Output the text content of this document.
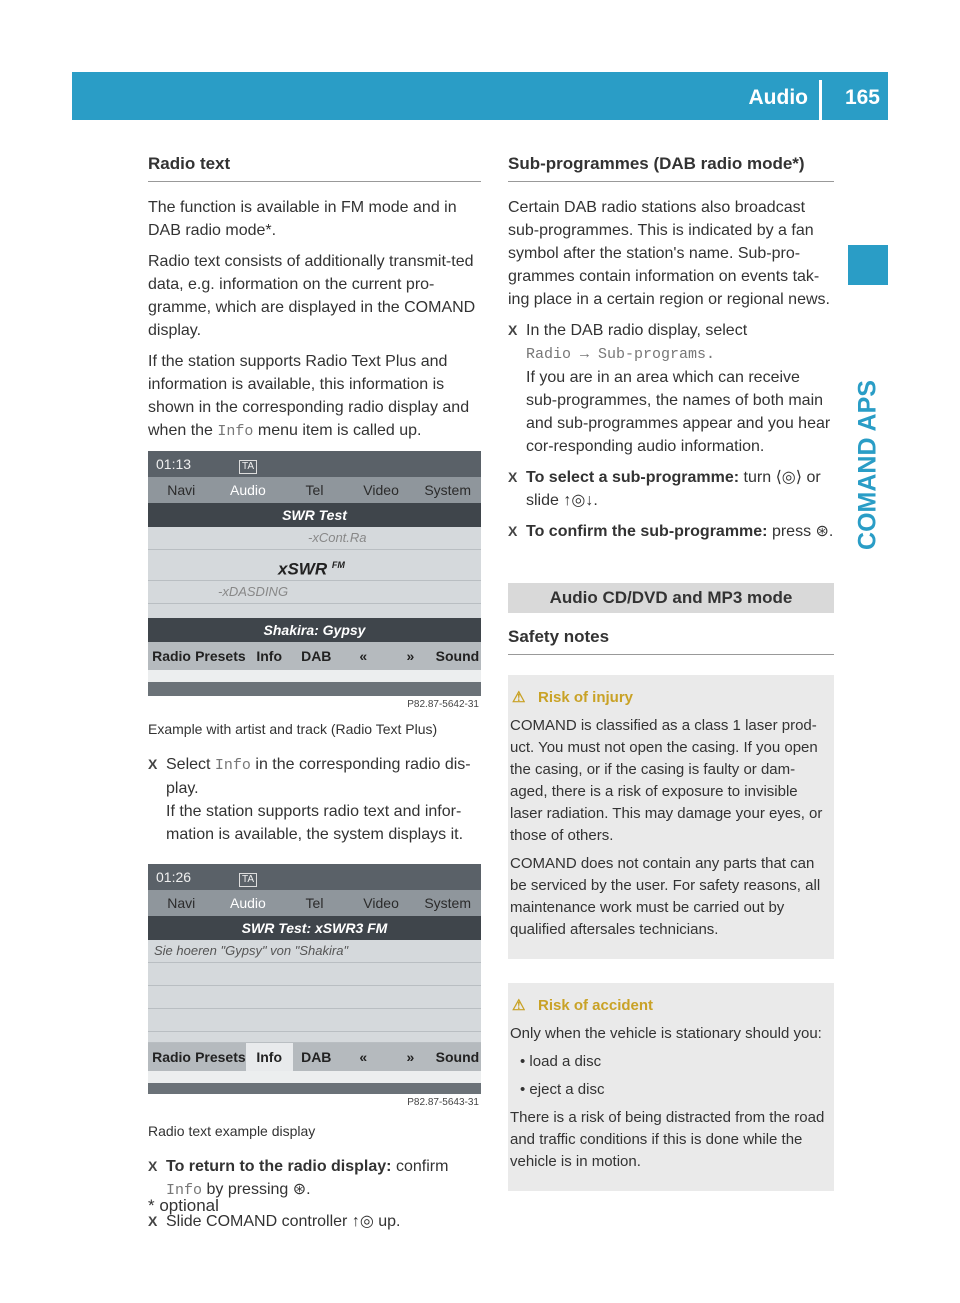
Audio 165
COMAND APS
Radio text

The function is available in FM mode and in DAB radio mode*.

Radio text consists of additionally transmit-ted data, e.g. information on the current pro-gramme, which are displayed in the COMAND display.

If the station supports Radio Text Plus and information is available, this information is shown in the corresponding radio display and when the Info menu item is called up.

01:13	TA
Navi	Audio	Tel	Video	System
SWR Test
-xCont.Ra
xSWR $^{FM}$
-xDASDING
Shakira: Gypsy
Radio Presets Info	DAB	«	»	Sound
P82.87-5642-31
Example with artist and track (Radio Text Plus)
X Select Info in the corresponding radio dis-play.
If the station supports radio text and infor-mation is available, the system displays it.
01:26	TA
Navi	Audio	Tel	Video	System
SWR Test: xSWR3 FM
Sie hoeren "Gypsy" von "Shakira"
Radio Presets Info	DAB	«	»	Sound
P82.87-5643-31
Radio text example display
X To return to the radio display: confirm
Info by pressing ⊛.
X Slide COMAND controller ↑◎ up.
Sub-programmes (DAB radio mode*)

Certain DAB radio stations also broadcast sub-programmes. This is indicated by a fan symbol after the station's name. Sub-pro-grammes contain information on events tak-ing place in a certain region or regional news.

X In the DAB radio display, select
Radio → Sub-programs.
If you are in an area which can receive sub-programmes, the names of both main and sub-programmes appear and you hear cor-responding audio information.
X To select a sub-programme: turn ⟨◎⟩ or slide ↑◎↓.
X To confirm the sub-programme: press ⊛.
Audio CD/DVD and MP3 mode
Safety notes
⚠ Risk of injury

COMAND is classified as a class 1 laser prod-uct. You must not open the casing. If you open the casing, or if the casing is faulty or dam-aged, there is a risk of exposure to invisible laser radiation. This may damage your eyes, or those of others.

COMAND does not contain any parts that can be serviced by the user. For safety reasons, all maintenance work must be carried out by qualified aftersales technicians.

⚠ Risk of accident

Only when the vehicle is stationary should you:

• load a disc
• eject a disc

There is a risk of being distracted from the road and traffic conditions if this is done while the vehicle is in motion.

* optional
